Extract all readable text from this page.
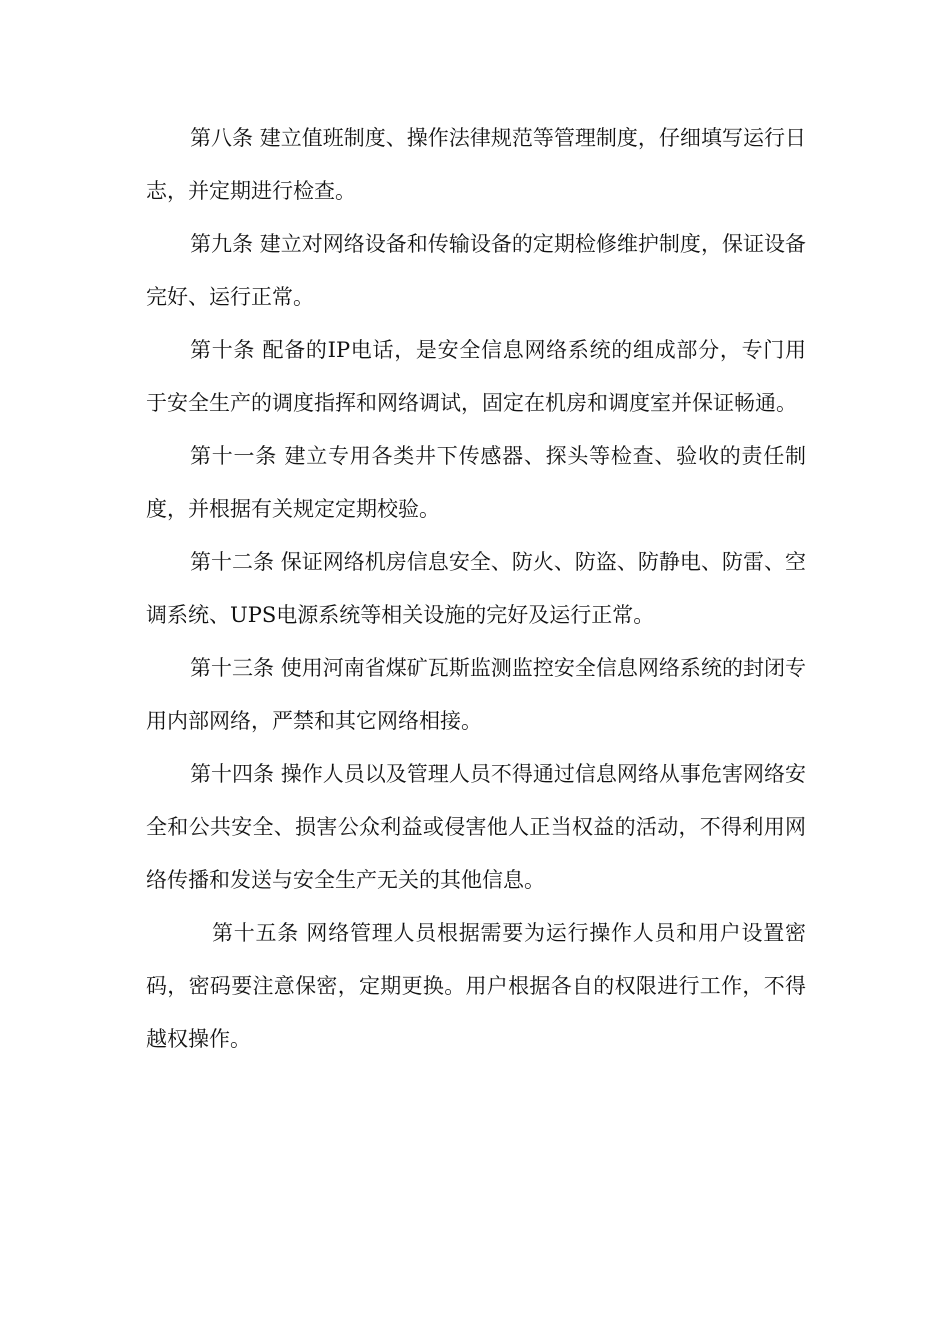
第八条 建立值班制度、操作法律规范等管理制度，仔细填写运行日志，并定期进行检查。

第九条 建立对网络设备和传输设备的定期检修维护制度，保证设备完好、运行正常。

第十条 配备的IP电话，是安全信息网络系统的组成部分，专门用于安全生产的调度指挥和网络调试，固定在机房和调度室并保证畅通。

第十一条 建立专用各类井下传感器、探头等检查、验收的责任制度，并根据有关规定定期校验。

第十二条 保证网络机房信息安全、防火、防盗、防静电、防雷、空调系统、UPS电源系统等相关设施的完好及运行正常。

第十三条 使用河南省煤矿瓦斯监测监控安全信息网络系统的封闭专用内部网络，严禁和其它网络相接。

第十四条 操作人员以及管理人员不得通过信息网络从事危害网络安全和公共安全、损害公众利益或侵害他人正当权益的活动，不得利用网络传播和发送与安全生产无关的其他信息。

第十五条 网络管理人员根据需要为运行操作人员和用户设置密码，密码要注意保密，定期更换。用户根据各自的权限进行工作，不得越权操作。
